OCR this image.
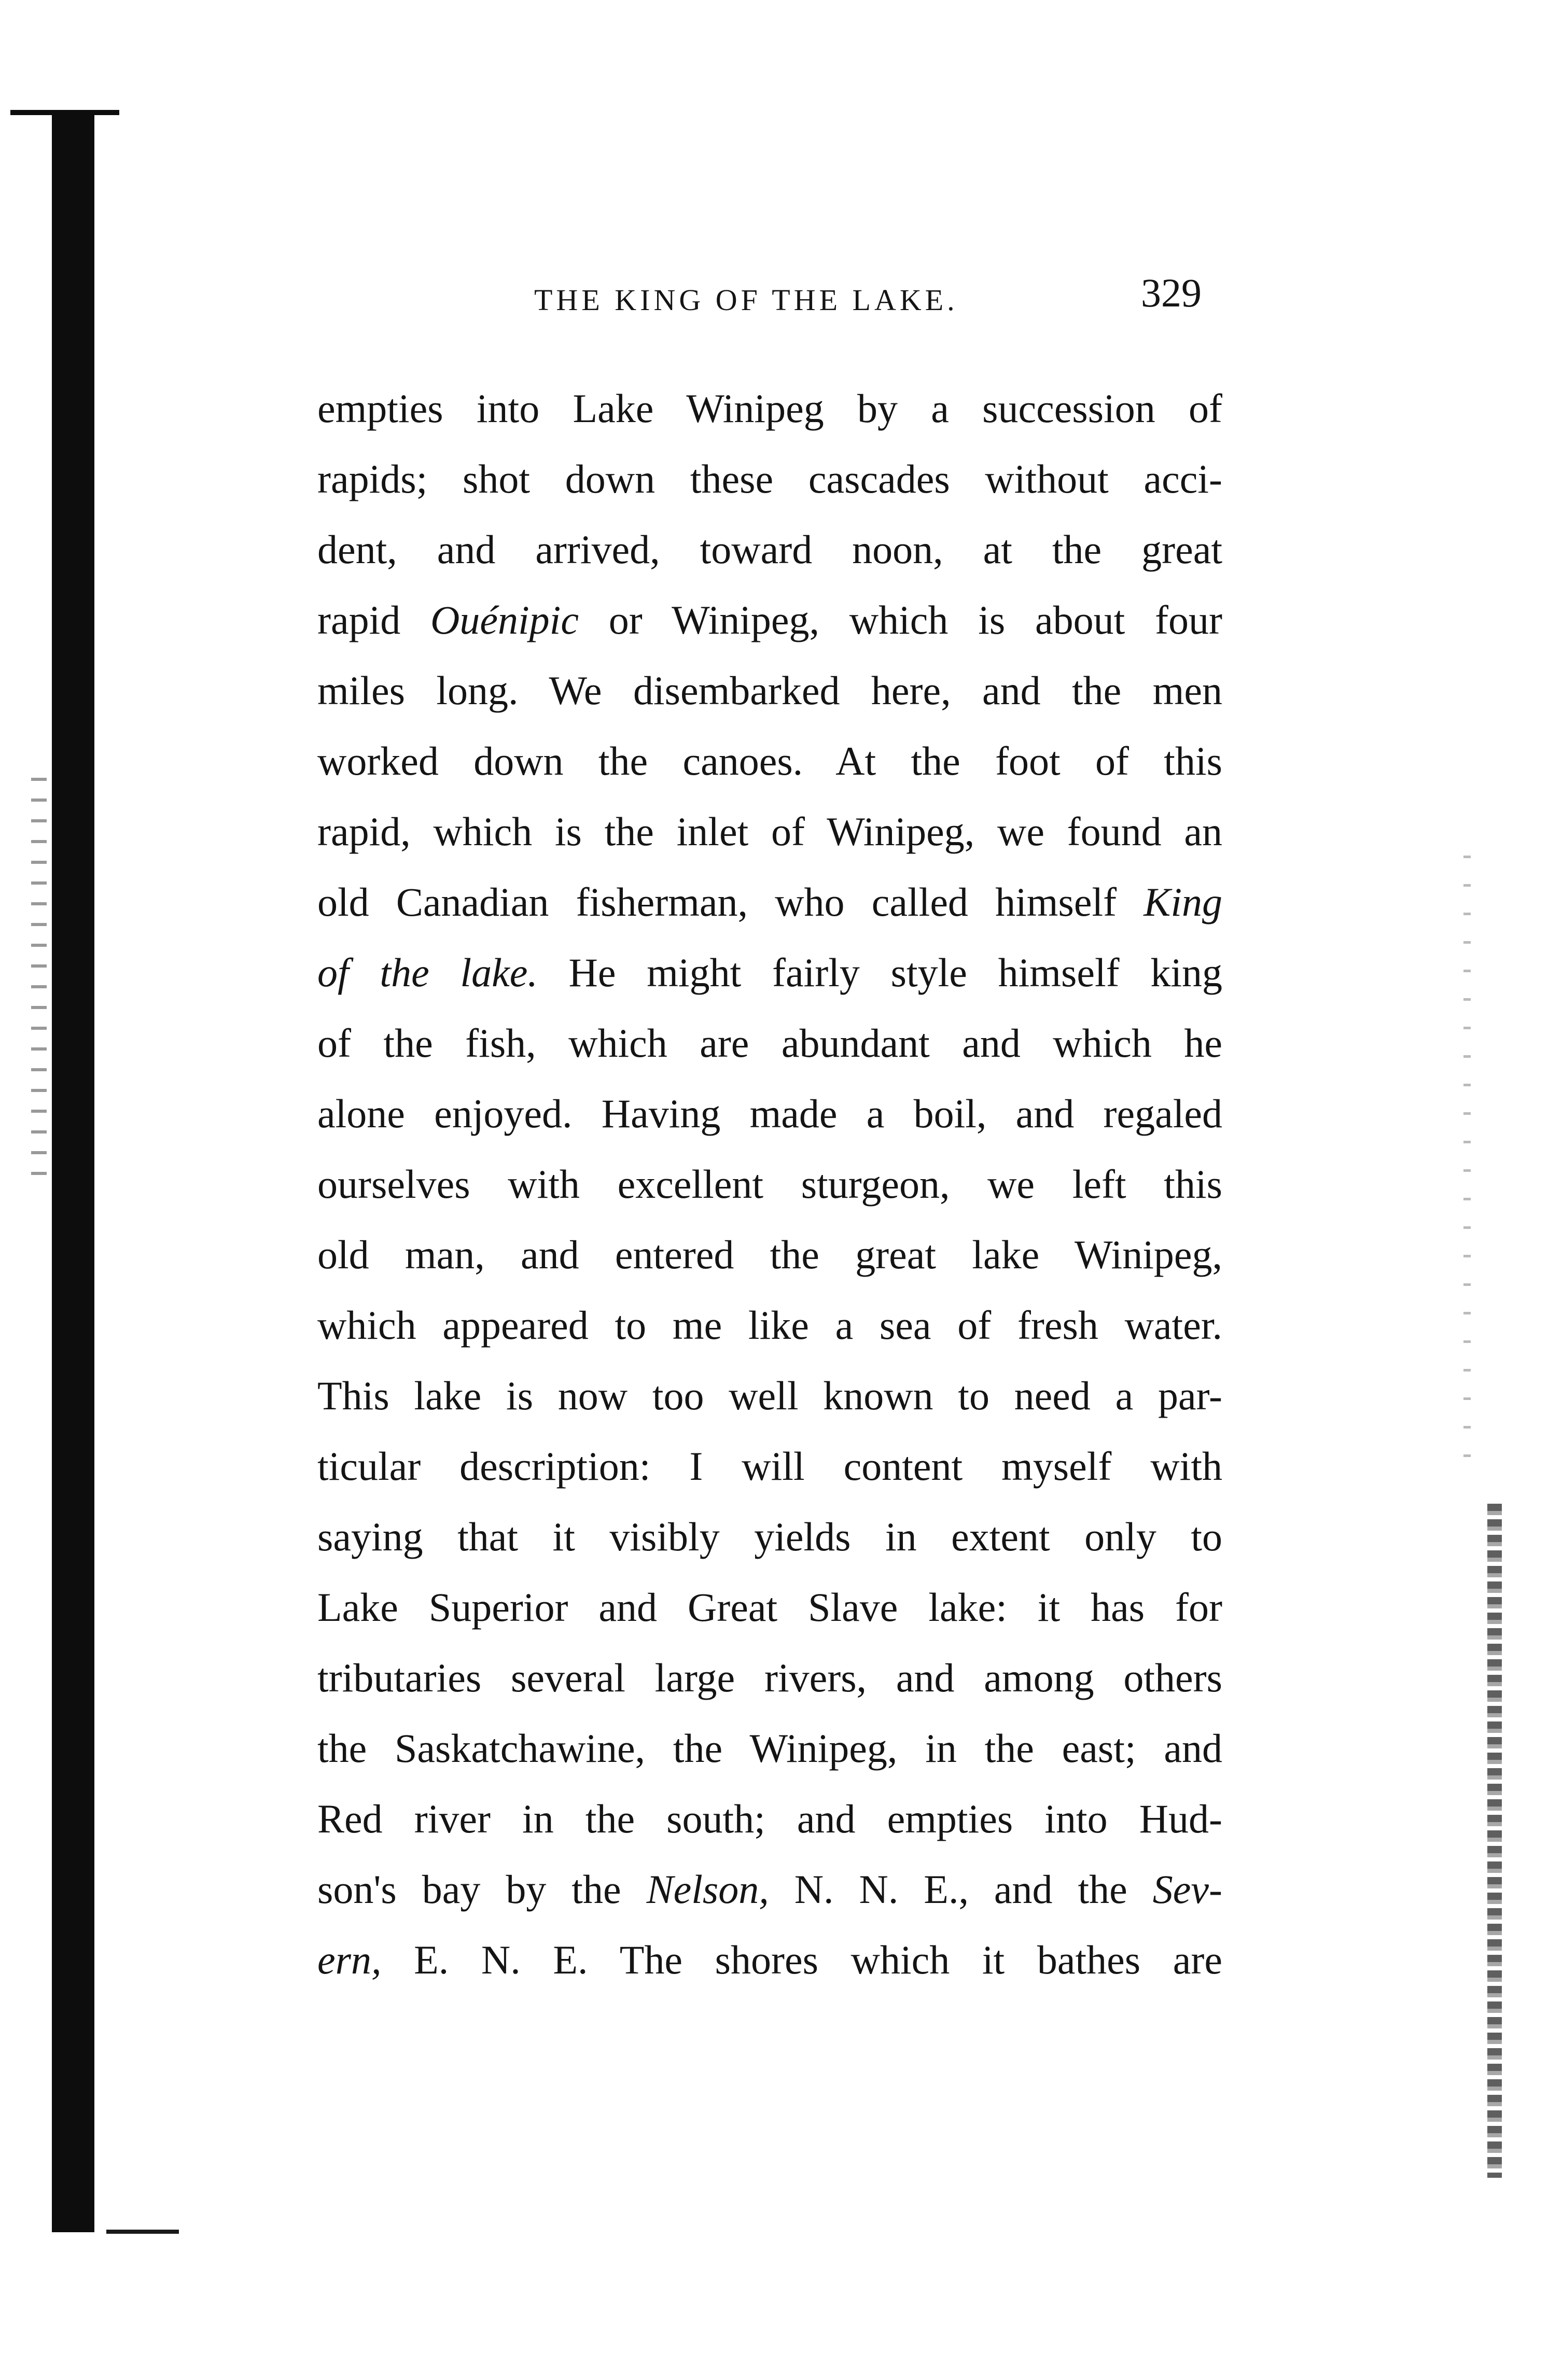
THE KING OF THE LAKE.	329
empties into Lake Winipeg by a succession of
rapids; shot down these cascades without acci-
dent, and arrived, toward noon, at the great
rapid Ouénipic or Winipeg, which is about four
miles long. We disembarked here, and the men
worked down the canoes. At the foot of this
rapid, which is the inlet of Winipeg, we found an
old Canadian fisherman, who called himself King
of the lake. He might fairly style himself king
of the fish, which are abundant and which he
alone enjoyed. Having made a boil, and regaled
ourselves with excellent sturgeon, we left this
old man, and entered the great lake Winipeg,
which appeared to me like a sea of fresh water.
This lake is now too well known to need a par-
ticular description: I will content myself with
saying that it visibly yields in extent only to
Lake Superior and Great Slave lake: it has for
tributaries several large rivers, and among others
the Saskatchawine, the Winipeg, in the east; and
Red river in the south; and empties into Hud-
son's bay by the Nelson, N. N. E., and the Sev-
ern, E. N. E. The shores which it bathes are
